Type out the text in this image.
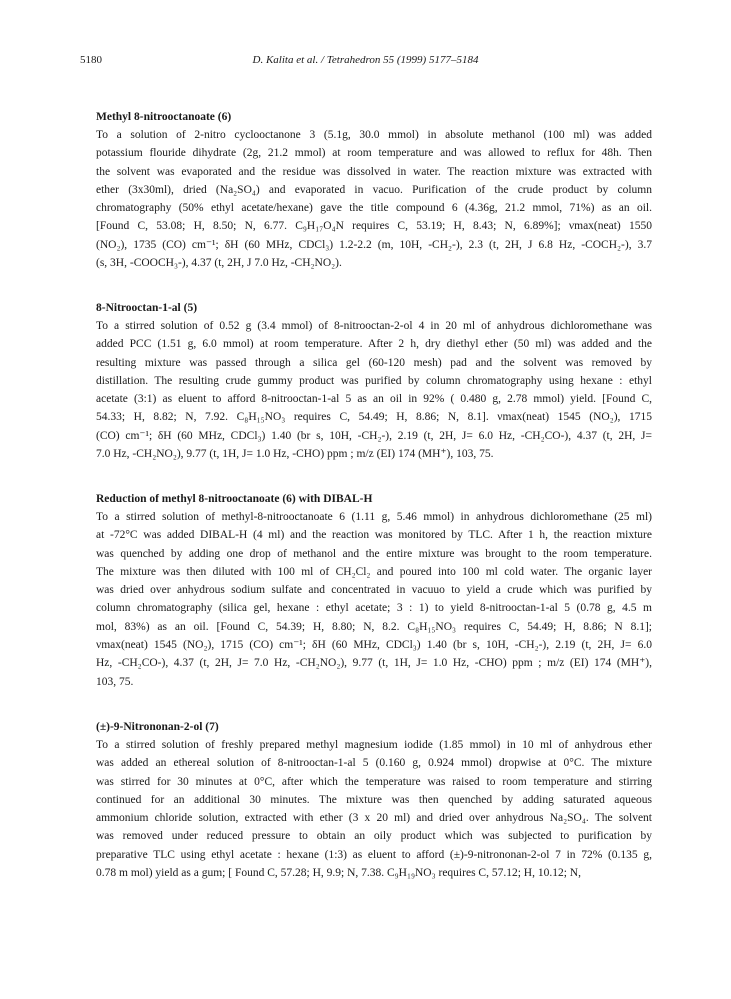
5180	D. Kalita et al. / Tetrahedron 55 (1999) 5177–5184
Methyl 8-nitrooctanoate (6)
To a solution of 2-nitro cyclooctanone 3 (5.1g, 30.0 mmol) in absolute methanol (100 ml) was added
potassium flouride dihydrate (2g, 21.2 mmol) at room temperature and was allowed to reflux for 48h. Then
the solvent was evaporated and the residue was dissolved in water. The reaction mixture was extracted with
ether (3x30ml), dried (Na₂SO₄) and evaporated in vacuo. Purification of the crude product by column
chromatography (50% ethyl acetate/hexane) gave the title compound 6 (4.36g, 21.2 mmol, 71%) as an oil.
[Found C, 53.08; H, 8.50; N, 6.77. C₉H₁₇O₄N requires C, 53.19; H, 8.43; N, 6.89%]; νmax(neat) 1550
(NO₂), 1735 (CO) cm⁻¹; δH (60 MHz, CDCl₃) 1.2-2.2 (m, 10H, -CH₂-), 2.3 (t, 2H, J 6.8 Hz, -COCH₂-), 3.7
(s, 3H, -COOCH₃-), 4.37 (t, 2H, J 7.0 Hz, -CH₂NO₂).
8-Nitrooctan-1-al (5)
To a stirred solution of 0.52 g (3.4 mmol) of 8-nitrooctan-2-ol 4 in 20 ml of anhydrous dichloromethane was
added PCC (1.51 g, 6.0 mmol) at room temperature. After 2 h, dry diethyl ether (50 ml) was added and the
resulting mixture was passed through a silica gel (60-120 mesh) pad and the solvent was removed by
distillation. The resulting crude gummy product was purified by column chromatography using hexane : ethyl
acetate (3:1) as eluent to afford 8-nitrooctan-1-al 5 as an oil in 92% ( 0.480 g, 2.78 mmol) yield. [Found C,
54.33; H, 8.82; N, 7.92. C₈H₁₅NO₃ requires C, 54.49; H, 8.86; N, 8.1]. νmax(neat) 1545 (NO₂), 1715
(CO) cm⁻¹; δH (60 MHz, CDCl₃) 1.40 (br s, 10H, -CH₂-), 2.19 (t, 2H, J= 6.0 Hz, -CH₂CO-), 4.37 (t, 2H, J=
7.0 Hz, -CH₂NO₂), 9.77 (t, 1H, J= 1.0 Hz, -CHO) ppm ; m/z (EI) 174 (MH⁺), 103, 75.
Reduction of methyl 8-nitrooctanoate (6) with DIBAL-H
To a stirred solution of methyl-8-nitrooctanoate 6 (1.11 g, 5.46 mmol) in anhydrous dichloromethane (25 ml)
at -72°C was added DIBAL-H (4 ml) and the reaction was monitored by TLC. After 1 h, the reaction mixture
was quenched by adding one drop of methanol and the entire mixture was brought to the room temperature.
The mixture was then diluted with 100 ml of CH₂Cl₂ and poured into 100 ml cold water. The organic layer
was dried over anhydrous sodium sulfate and concentrated in vacuuo to yield a crude which was purified by
column chromatography (silica gel, hexane : ethyl acetate; 3 : 1) to yield 8-nitrooctan-1-al 5 (0.78 g, 4.5 m
mol, 83%) as an oil. [Found C, 54.39; H, 8.80; N, 8.2. C₈H₁₅NO₃ requires C, 54.49; H, 8.86; N 8.1];
νmax(neat) 1545 (NO₂), 1715 (CO) cm⁻¹; δH (60 MHz, CDCl₃) 1.40 (br s, 10H, -CH₂-), 2.19 (t, 2H, J= 6.0
Hz, -CH₂CO-), 4.37 (t, 2H, J= 7.0 Hz, -CH₂NO₂), 9.77 (t, 1H, J= 1.0 Hz, -CHO) ppm ; m/z (EI) 174 (MH⁺),
103, 75.
(±)-9-Nitrononan-2-ol (7)
To a stirred solution of freshly prepared methyl magnesium iodide (1.85 mmol) in 10 ml of anhydrous ether
was added an ethereal solution of 8-nitrooctan-1-al 5 (0.160 g, 0.924 mmol) dropwise at 0°C. The mixture
was stirred for 30 minutes at 0°C, after which the temperature was raised to room temperature and stirring
continued for an additional 30 minutes. The mixture was then quenched by adding saturated aqueous
ammonium chloride solution, extracted with ether (3 x 20 ml) and dried over anhydrous Na₂SO₄. The solvent
was removed under reduced pressure to obtain an oily product which was subjected to purification by
preparative TLC using ethyl acetate : hexane (1:3) as eluent to afford (±)-9-nitrononan-2-ol 7 in 72% (0.135 g,
0.78 m mol) yield as a gum; [ Found C, 57.28; H, 9.9; N, 7.38. C₉H₁₉NO₃ requires C, 57.12; H, 10.12; N,
